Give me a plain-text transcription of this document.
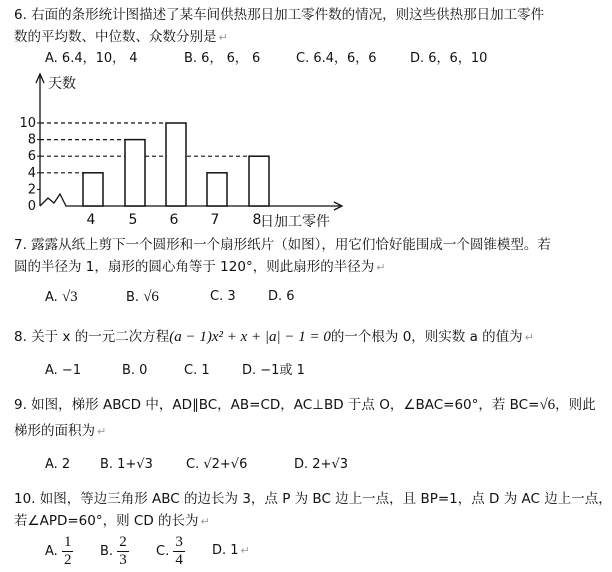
6. 右面的条形统计图描述了某车间供热那日加工零件数的情况，则这些供热那日加工零件
数的平均数、中位数、众数分别是 ↵
A. 6.4，10， 4	B. 6， 6， 6	C. 6.4，6，6	D. 6，6，10
天数
日加工零件
0
2
4
6
8
10
4 5 6 7 8
7. 露露从纸上剪下一个圆形和一个扇形纸片（如图），用它们恰好能围成一个圆锥模型。若
圆的半径为 1，扇形的圆心角等于 120°，则此扇形的半径为 ↵
A. √3	B. √6	C. 3 D. 6
8. 关于 x 的一元二次方程(a − 1)x² + x + |a| − 1 = 0的一个根为 0，则实数 a 的值为 ↵
A. −1	B. 0	C. 1 D. −1或 1
9. 如图，梯形 ABCD 中，AD∥BC，AB=CD，AC⊥BD 于点 O，∠BAC=60°，若 BC=√6，则此
梯形的面积为 ↵
A. 2 B. 1+√3	C. √2+√6	D. 2+√3
10. 如图，等边三角形 ABC 的边长为 3，点 P 为 BC 边上一点，且 BP=1，点 D 为 AC 边上一点，
若∠APD=60°，则 CD 的长为 ↵
A. $\frac{1}{2} B$. $\frac{2}{3} C$. $\frac{3}{4} D$. 1 ↵
